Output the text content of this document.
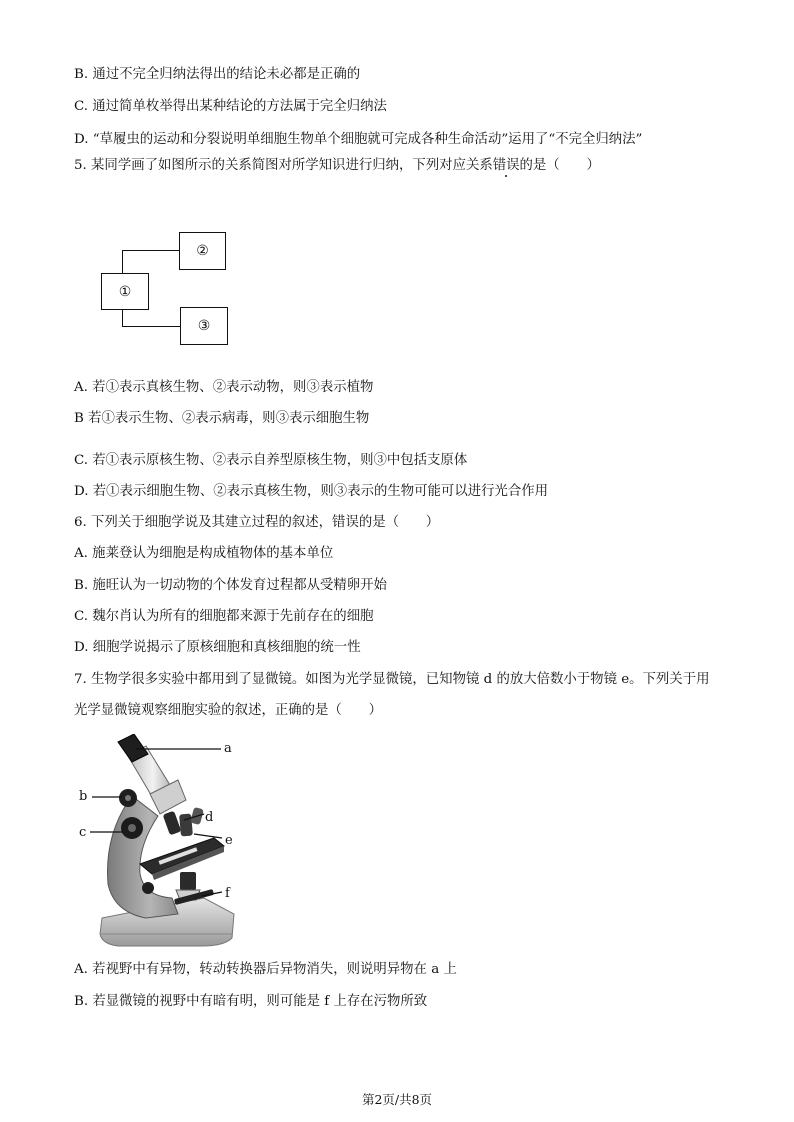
B. 通过不完全归纳法得出的结论未必都是正确的
C. 通过简单枚举得出某种结论的方法属于完全归纳法
D. “草履虫的运动和分裂说明单细胞生物单个细胞就可完成各种生命活动”运用了“不完全归纳法”
5. 某同学画了如图所示的关系简图对所学知识进行归纳，下列对应关系错误的是（　　）
①
②
③
A. 若①表示真核生物、②表示动物，则③表示植物
B 若①表示生物、②表示病毒，则③表示细胞生物
C. 若①表示原核生物、②表示自养型原核生物，则③中包括支原体
D. 若①表示细胞生物、②表示真核生物，则③表示的生物可能可以进行光合作用
6. 下列关于细胞学说及其建立过程的叙述，错误的是（　　）
A. 施莱登认为细胞是构成植物体的基本单位
B. 施旺认为一切动物的个体发育过程都从受精卵开始
C. 魏尔肖认为所有的细胞都来源于先前存在的细胞
D. 细胞学说揭示了原核细胞和真核细胞的统一性
7. 生物学很多实验中都用到了显微镜。如图为光学显微镜，已知物镜 d 的放大倍数小于物镜 e。下列关于用
光学显微镜观察细胞实验的叙述，正确的是（　　）
a
b
c
d
e
f
A. 若视野中有异物，转动转换器后异物消失，则说明异物在 a 上
B. 若显微镜的视野中有暗有明，则可能是 f 上存在污物所致
第2页/共8页
